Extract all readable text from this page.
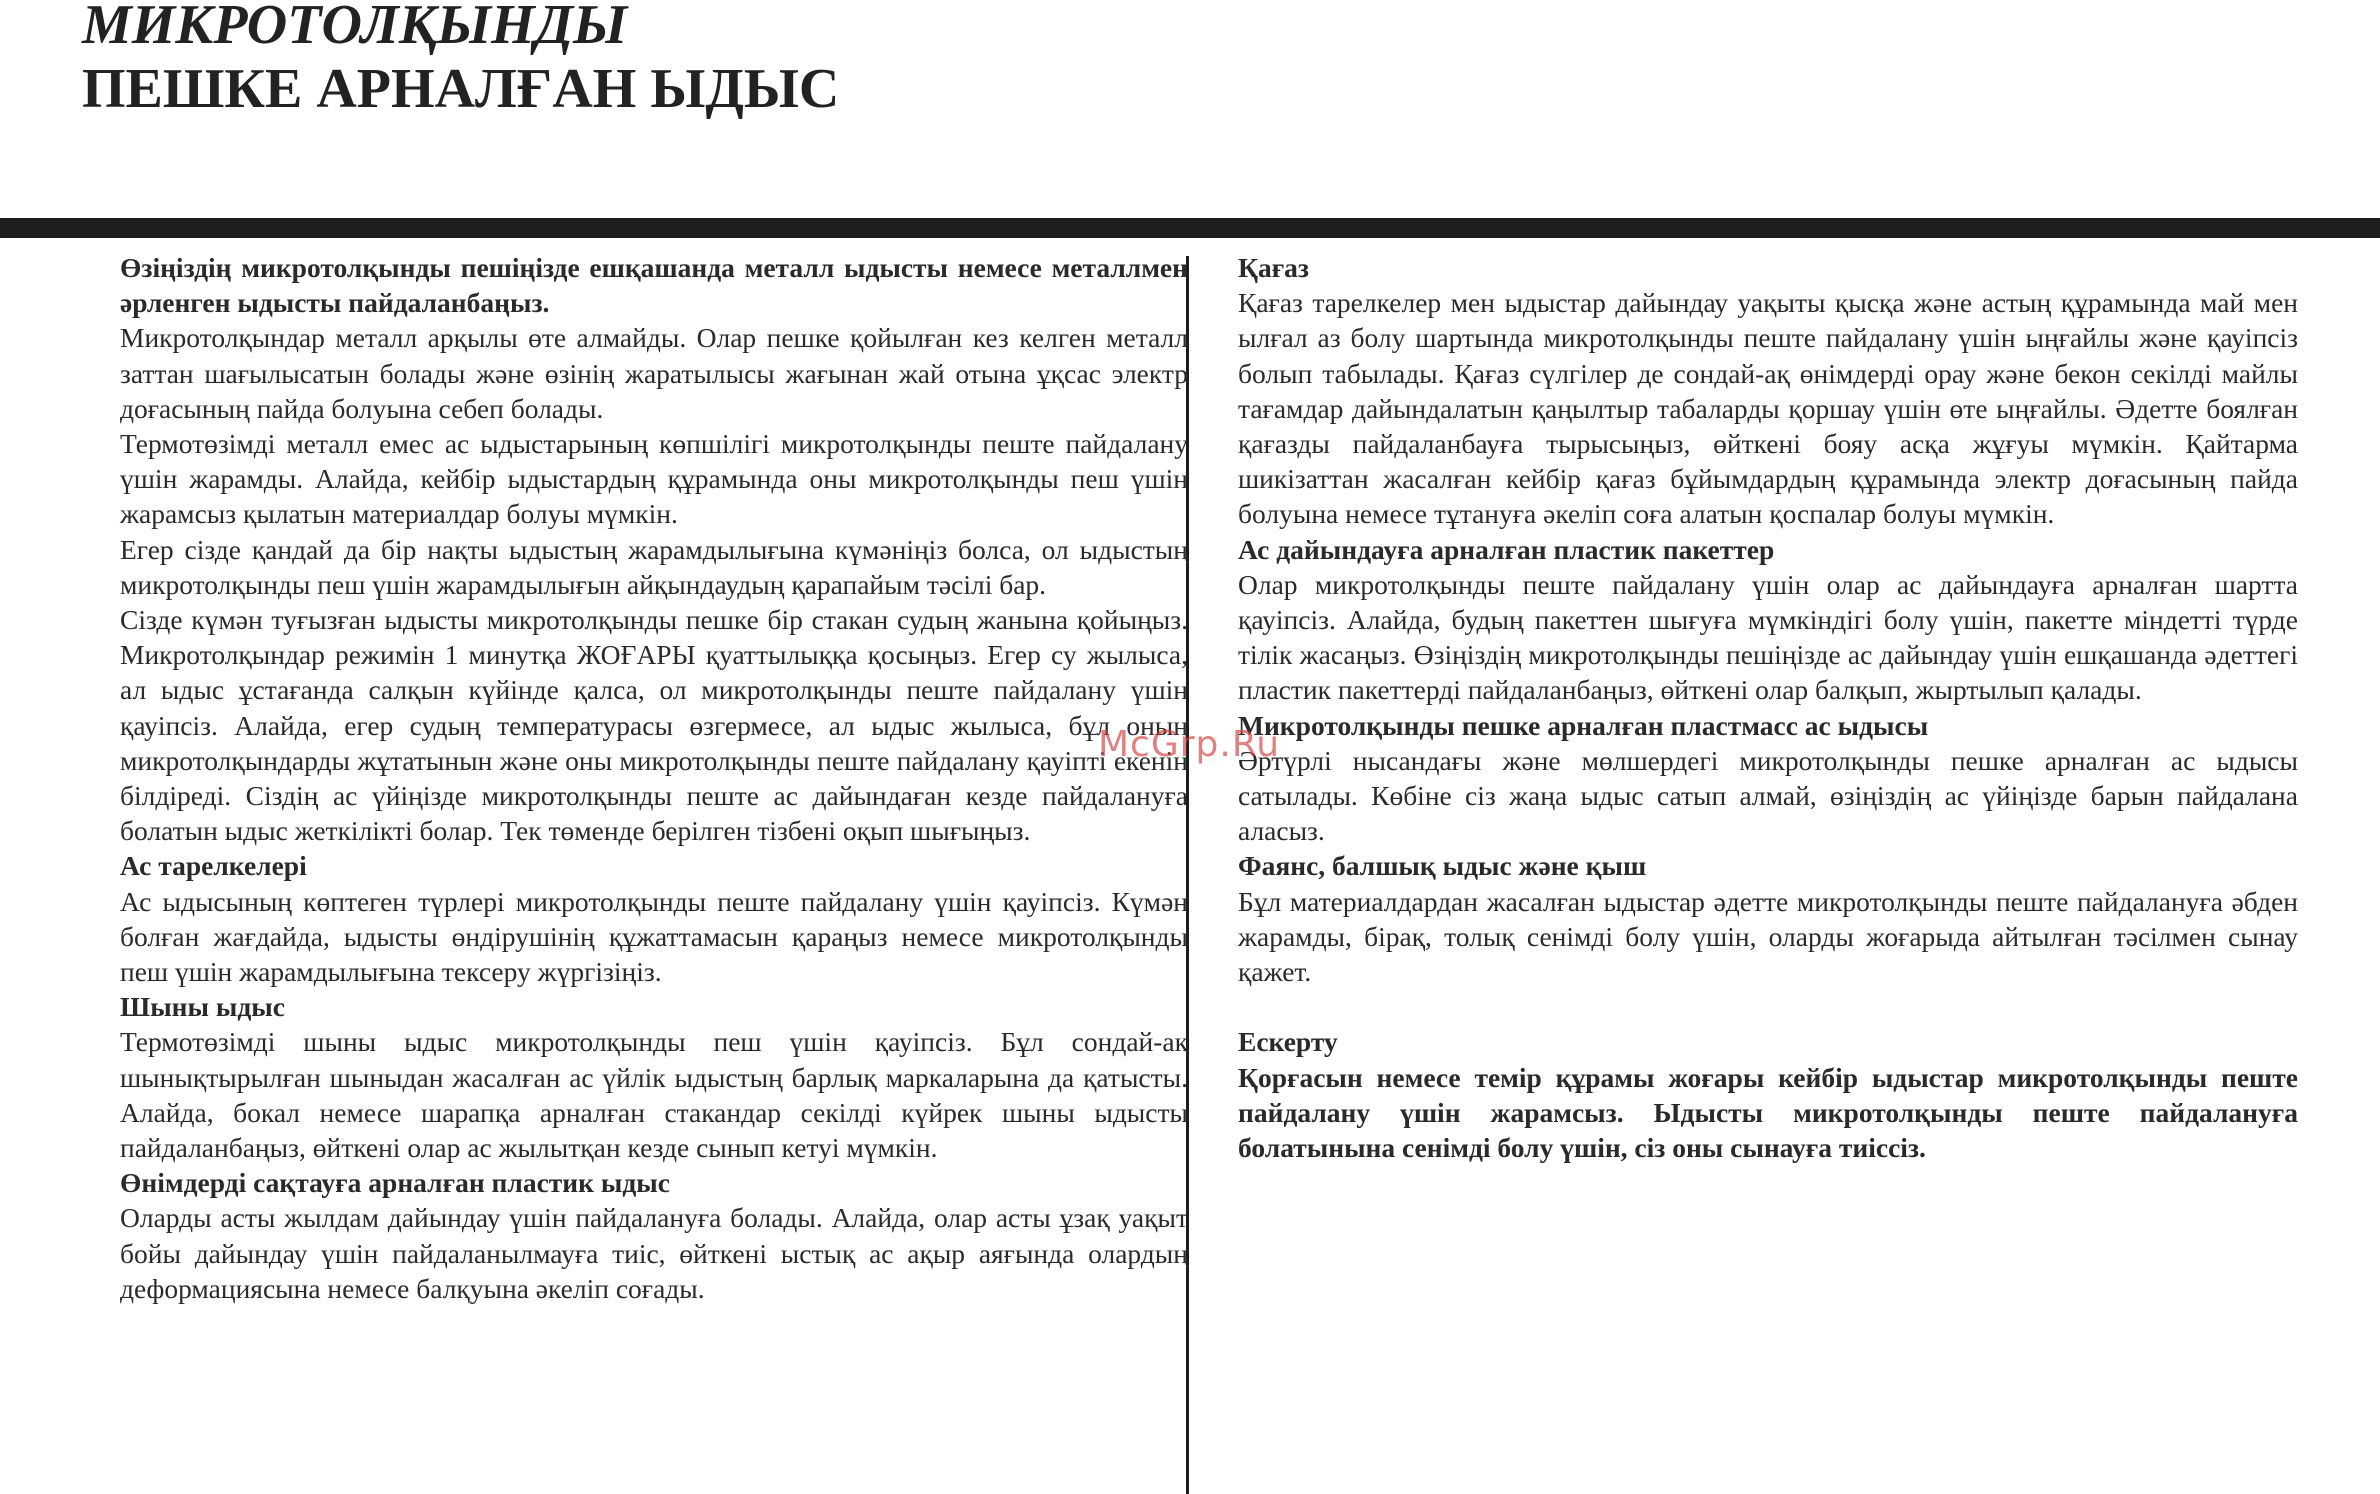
МИКРОТОЛҚЫНДЫ
ПЕШКЕ АРНАЛҒАН ЫДЫС

Өзіңіздің микротолқынды пешіңізде ешқашанда металл ыдысты немесе металлмен әрленген ыдысты пайдаланбаңыз.

Микротолқындар металл арқылы өте алмайды. Олар пешке қойылған кез келген металл заттан шағылысатын болады және өзінің жаратылысы жағынан жай отына ұқсас электр доғасының пайда болуына себеп болады.

Термотөзімді металл емес ас ыдыстарының көпшілігі микротолқынды пеште пайдалану үшін жарамды. Алайда, кейбір ыдыстардың құрамында оны микротолқынды пеш үшін жарамсыз қылатын материалдар болуы мүмкін.

Егер сізде қандай да бір нақты ыдыстың жарамдылығына күмәніңіз болса, ол ыдыстың микротолқынды пеш үшін жарамдылығын айқындаудың қарапайым тәсілі бар.

Сізде күмән туғызған ыдысты микротолқынды пешке бір стакан судың жанына қойыңыз. Микротолқындар режимін 1 минутқа ЖОҒАРЫ қуаттылыққа қосыңыз. Егер су жылыса, ал ыдыс ұстағанда салқын күйінде қалса, ол микротолқынды пеште пайдалану үшін қауіпсіз. Алайда, егер судың температурасы өзгермесе, ал ыдыс жылыса, бұл оның микротолқындарды жұтатынын және оны микротолқынды пеште пайдалану қауіпті екенін білдіреді. Сіздің ас үйіңізде микротолқынды пеште ас дайындаған кезде пайдалануға болатын ыдыс жеткілікті болар. Тек төменде берілген тізбені оқып шығыңыз.

Ас тарелкелері

Ас ыдысының көптеген түрлері микротолқынды пеште пайдалану үшін қауіпсіз. Күмән болған жағдайда, ыдысты өндірушінің құжаттамасын қараңыз немесе микротолқынды пеш үшін жарамдылығына тексеру жүргізіңіз.

Шыны ыдыс

Термотөзімді шыны ыдыс микротолқынды пеш үшін қауіпсіз. Бұл сондай-ақ шынықтырылған шыныдан жасалған ас үйлік ыдыстың барлық маркаларына да қатысты. Алайда, бокал немесе шарапқа арналған стакандар секілді күйрек шыны ыдысты пайдаланбаңыз, өйткені олар ас жылытқан кезде сынып кетуі мүмкін.

Өнімдерді сақтауға арналған пластик ыдыс

Оларды асты жылдам дайындау үшін пайдалануға болады. Алайда, олар асты ұзақ уақыт бойы дайындау үшін пайдаланылмауға тиіс, өйткені ыстық ас ақыр аяғында олардың деформациясына немесе балқуына әкеліп соғады.

Қағаз

Қағаз тарелкелер мен ыдыстар дайындау уақыты қысқа және астың құрамында май мен ылғал аз болу шартында микротолқынды пеште пайдалану үшін ыңғайлы және қауіпсіз болып табылады. Қағаз сүлгілер де сондай-ақ өнімдерді орау және бекон секілді майлы тағамдар дайындалатын қаңылтыр табаларды қоршау үшін өте ыңғайлы. Әдетте боялған қағазды пайдаланбауға тырысыңыз, өйткені бояу асқа жұғуы мүмкін. Қайтарма шикізаттан жасалған кейбір қағаз бұйымдардың құрамында электр доғасының пайда болуына немесе тұтануға әкеліп соға алатын қоспалар болуы мүмкін.

Ас дайындауға арналған пластик пакеттер

Олар микротолқынды пеште пайдалану үшін олар ас дайындауға арналған шартта қауіпсіз. Алайда, будың пакеттен шығуға мүмкіндігі болу үшін, пакетте міндетті түрде тілік жасаңыз. Өзіңіздің микротолқынды пешіңізде ас дайындау үшін ешқашанда әдеттегі пластик пакеттерді пайдаланбаңыз, өйткені олар балқып, жыртылып қалады.

Микротолқынды пешке арналған пластмасс ас ыдысы

Әртүрлі нысандағы және мөлшердегі микротолқынды пешке арналған ас ыдысы сатылады. Көбіне сіз жаңа ыдыс сатып алмай, өзіңіздің ас үйіңізде барын пайдалана аласыз.

Фаянс, балшық ыдыс және қыш

Бұл материалдардан жасалған ыдыстар әдетте микротолқынды пеште пайдалануға әбден жарамды, бірақ, толық сенімді болу үшін, оларды жоғарыда айтылған тәсілмен сынау қажет.

Ескерту

Қорғасын немесе темір құрамы жоғары кейбір ыдыстар микротолқынды пеште пайдалану үшін жарамсыз. Ыдысты микротолқынды пеште пайдалануға болатынына сенімді болу үшін, сіз оны сынауға тиіссіз.

McGrp.Ru
